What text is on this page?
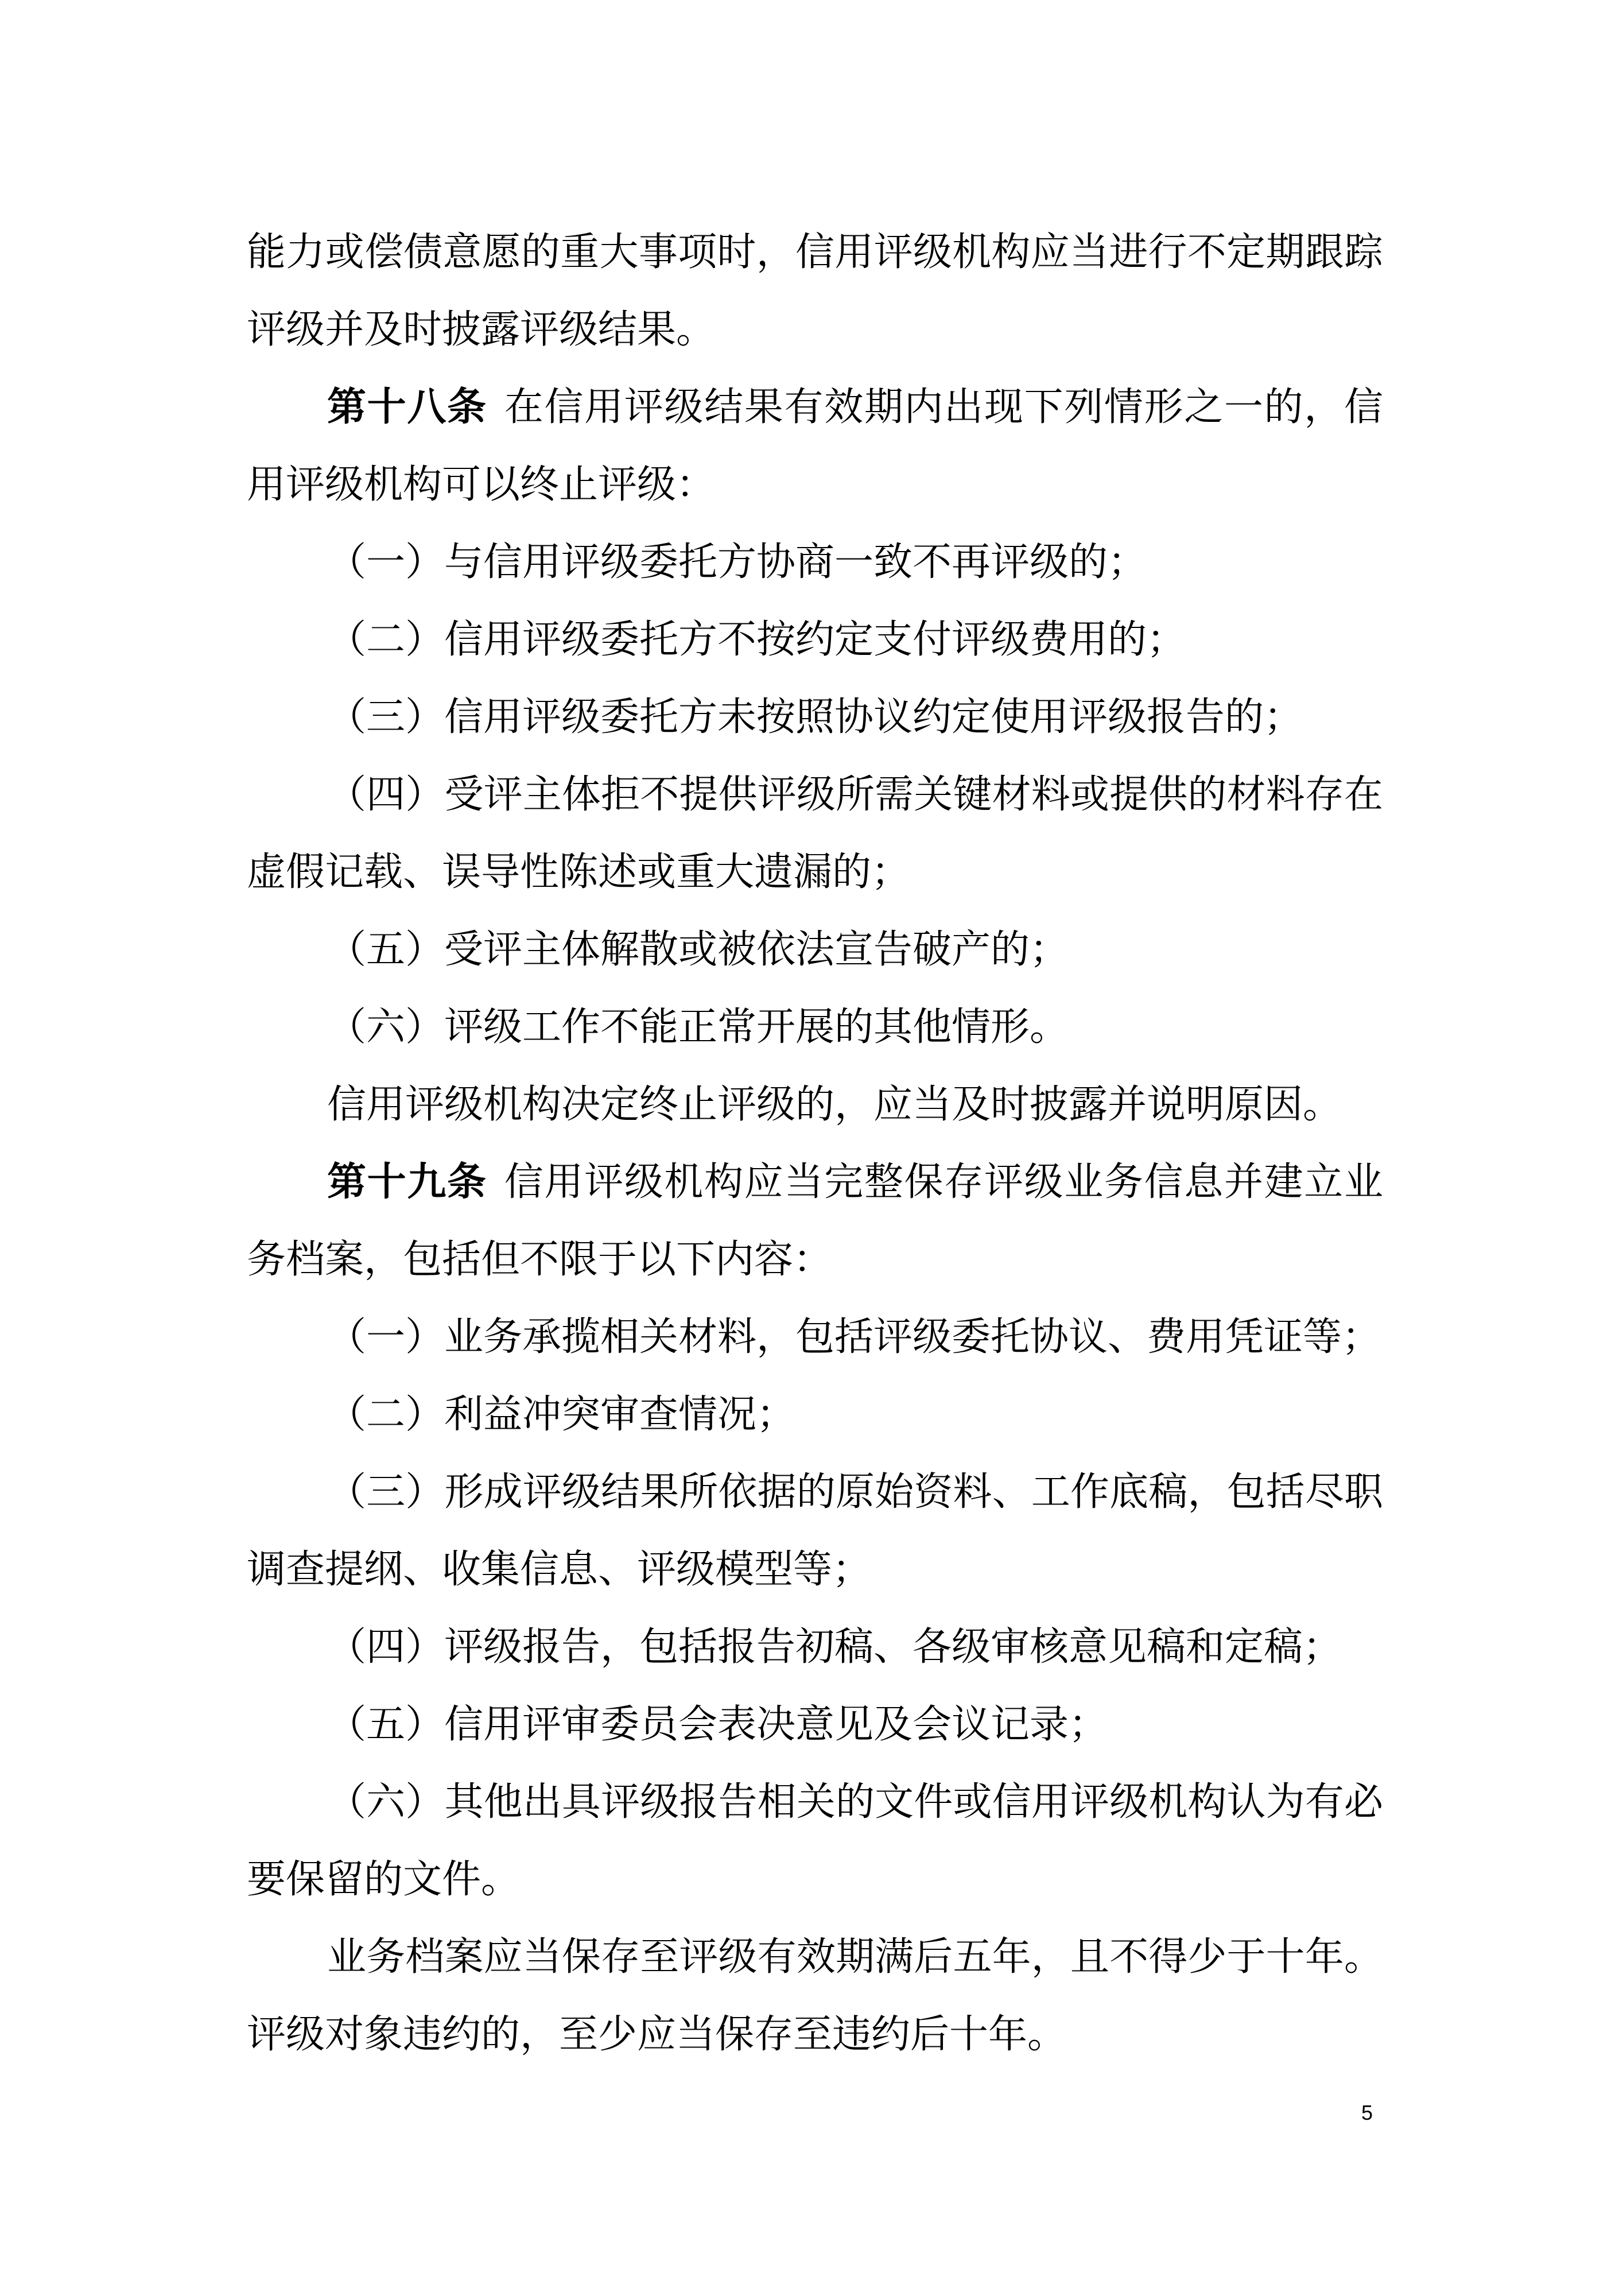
能力或偿债意愿的重大事项时，信用评级机构应当进行不定期跟踪评级并及时披露评级结果。

第十八条 在信用评级结果有效期内出现下列情形之一的，信用评级机构可以终止评级：

（一）与信用评级委托方协商一致不再评级的；

（二）信用评级委托方不按约定支付评级费用的；

（三）信用评级委托方未按照协议约定使用评级报告的；

（四）受评主体拒不提供评级所需关键材料或提供的材料存在虚假记载、误导性陈述或重大遗漏的；

（五）受评主体解散或被依法宣告破产的；

（六）评级工作不能正常开展的其他情形。

信用评级机构决定终止评级的，应当及时披露并说明原因。

第十九条 信用评级机构应当完整保存评级业务信息并建立业务档案，包括但不限于以下内容：

（一）业务承揽相关材料，包括评级委托协议、费用凭证等；

（二）利益冲突审查情况；

（三）形成评级结果所依据的原始资料、工作底稿，包括尽职调查提纲、收集信息、评级模型等；

（四）评级报告，包括报告初稿、各级审核意见稿和定稿；

（五）信用评审委员会表决意见及会议记录；

（六）其他出具评级报告相关的文件或信用评级机构认为有必要保留的文件。

业务档案应当保存至评级有效期满后五年，且不得少于十年。评级对象违约的，至少应当保存至违约后十年。

5
